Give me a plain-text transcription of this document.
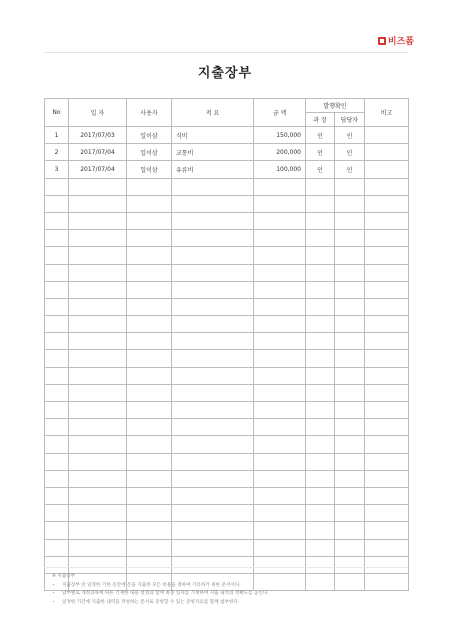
비즈폼
지출장부
No	일 자	사용자	적 요	금 액	발행확인		비고
					과 장	담당자	
1	2017/07/03	일이삼	식비	150,000	인	인	
2	2017/07/04	일이삼	교통비	200,000	인	인	
3	2017/07/04	일이삼	유류비	100,000	인	인	

※ 지출장부
• 지출장부 란 일정한 기한 동안에 돈을 지출한 모든 비용을 정하여 기록하기 위한 문서이다.
• 납부별로 계정과목에 따른 기재한 내용 설명과 함께 최종 일자를 기재하여 지출 내역의 정확도를 높인다.
• 일정한 기간에 지출한 내역을 작성하는 문서로 증빙할 수 있는 증빙자료를 함께 첨부한다.
